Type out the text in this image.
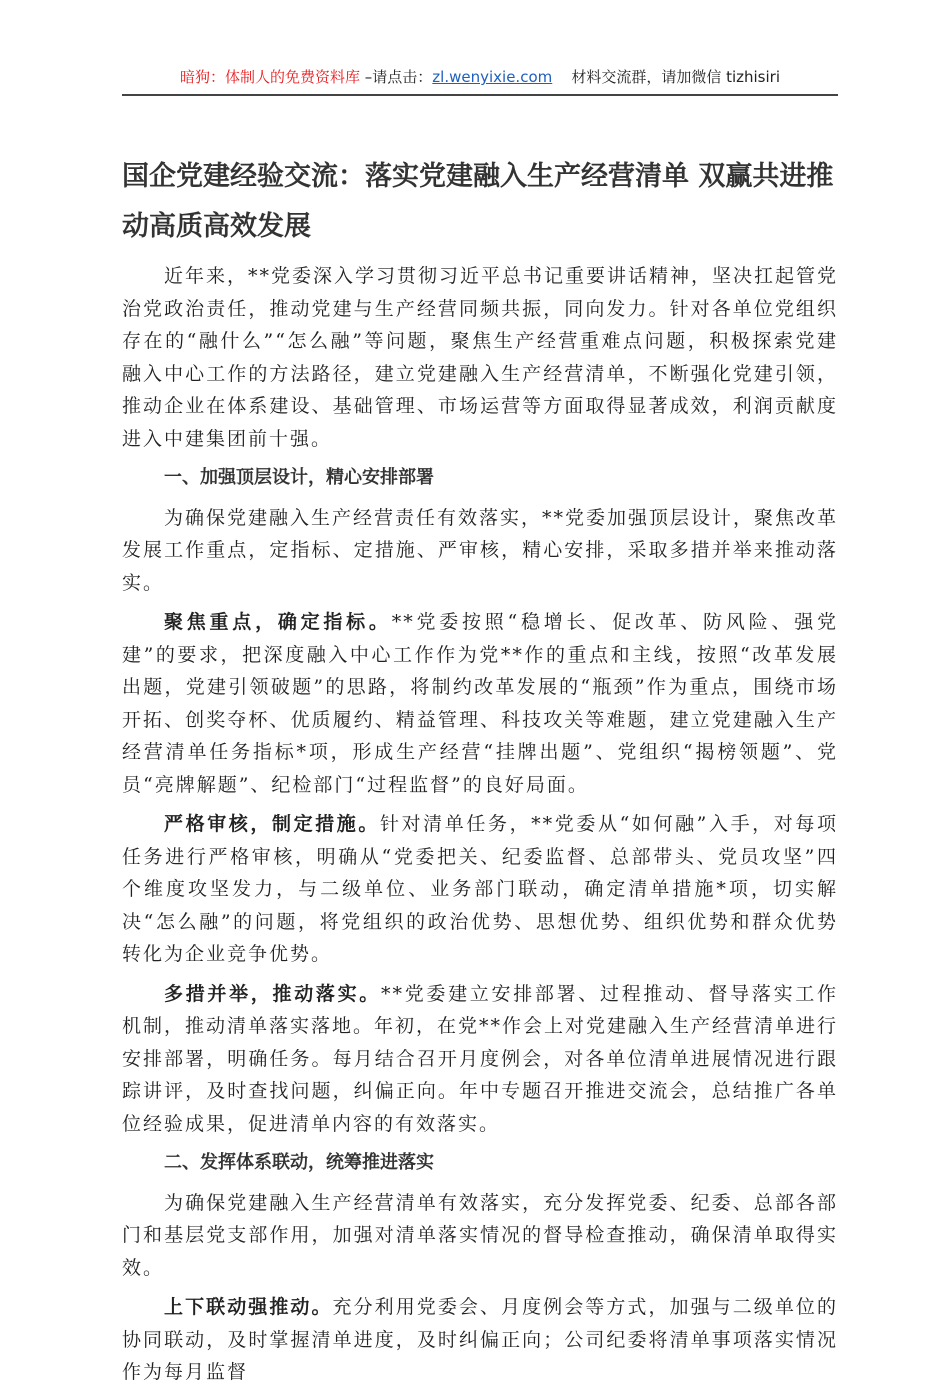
暗狗：体制人的免费资料库 –请点击：zl.wenyixie.com 材料交流群，请加微信 tizhisiri
国企党建经验交流：落实党建融入生产经营清单 双赢共进推动高质高效发展

近年来，**党委深入学习贯彻习近平总书记重要讲话精神，坚决扛起管党治党政治责任，推动党建与生产经营同频共振，同向发力。针对各单位党组织存在的“融什么”“怎么融”等问题，聚焦生产经营重难点问题，积极探索党建融入中心工作的方法路径，建立党建融入生产经营清单，不断强化党建引领，推动企业在体系建设、基础管理、市场运营等方面取得显著成效，利润贡献度进入中建集团前十强。

一、加强顶层设计，精心安排部署

为确保党建融入生产经营责任有效落实，**党委加强顶层设计，聚焦改革发展工作重点，定指标、定措施、严审核，精心安排，采取多措并举来推动落实。

聚焦重点，确定指标。**党委按照“稳增长、促改革、防风险、强党建”的要求，把深度融入中心工作作为党**作的重点和主线，按照“改革发展出题，党建引领破题”的思路，将制约改革发展的“瓶颈”作为重点，围绕市场开拓、创奖夺杯、优质履约、精益管理、科技攻关等难题，建立党建融入生产经营清单任务指标*项，形成生产经营“挂牌出题”、党组织“揭榜领题”、党员“亮牌解题”、纪检部门“过程监督”的良好局面。

严格审核，制定措施。针对清单任务，**党委从“如何融”入手，对每项任务进行严格审核，明确从“党委把关、纪委监督、总部带头、党员攻坚”四个维度攻坚发力，与二级单位、业务部门联动，确定清单措施*项，切实解决“怎么融”的问题，将党组织的政治优势、思想优势、组织优势和群众优势转化为企业竞争优势。

多措并举，推动落实。**党委建立安排部署、过程推动、督导落实工作机制，推动清单落实落地。年初，在党**作会上对党建融入生产经营清单进行安排部署，明确任务。每月结合召开月度例会，对各单位清单进展情况进行跟踪讲评，及时查找问题，纠偏正向。年中专题召开推进交流会，总结推广各单位经验成果，促进清单内容的有效落实。

二、发挥体系联动，统筹推进落实

为确保党建融入生产经营清单有效落实，充分发挥党委、纪委、总部各部门和基层党支部作用，加强对清单落实情况的督导检查推动，确保清单取得实效。

上下联动强推动。充分利用党委会、月度例会等方式，加强与二级单位的协同联动，及时掌握清单进度，及时纠偏正向；公司纪委将清单事项落实情况作为每月监督
